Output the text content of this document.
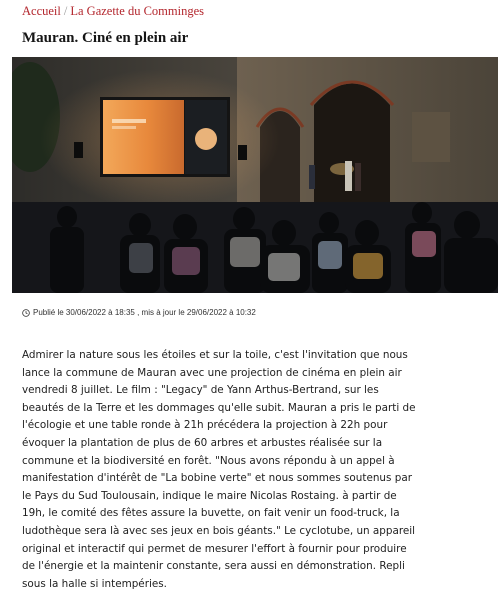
Accueil / La Gazette du Comminges
Mauran. Ciné en plein air
Publié le 30/06/2022 à 18:35 , mis à jour le 29/06/2022 à 10:32

Admirer la nature sous les étoiles et sur la toile, c'est l'invitation que nous lance la commune de Mauran avec une projection de cinéma en plein air vendredi 8 juillet. Le film : "Legacy" de Yann Arthus-Bertrand, sur les beautés de la Terre et les dommages qu'elle subit. Mauran a pris le parti de l'écologie et une table ronde à 21h précédera la projection à 22h pour évoquer la plantation de plus de 60 arbres et arbustes réalisée sur la commune et la biodiversité en forêt. "Nous avons répondu à un appel à manifestation d'intérêt de "La bobine verte" et nous sommes soutenus par le Pays du Sud Toulousain, indique le maire Nicolas Rostaing. à partir de 19h, le comité des fêtes assure la buvette, on fait venir un food-truck, la ludothèque sera là avec ses jeux en bois géants." Le cyclotube, un appareil original et interactif qui permet de mesurer l'effort à fournir pour produire de l'énergie et la maintenir constante, sera aussi en démonstration. Repli sous la halle si intempéries.
